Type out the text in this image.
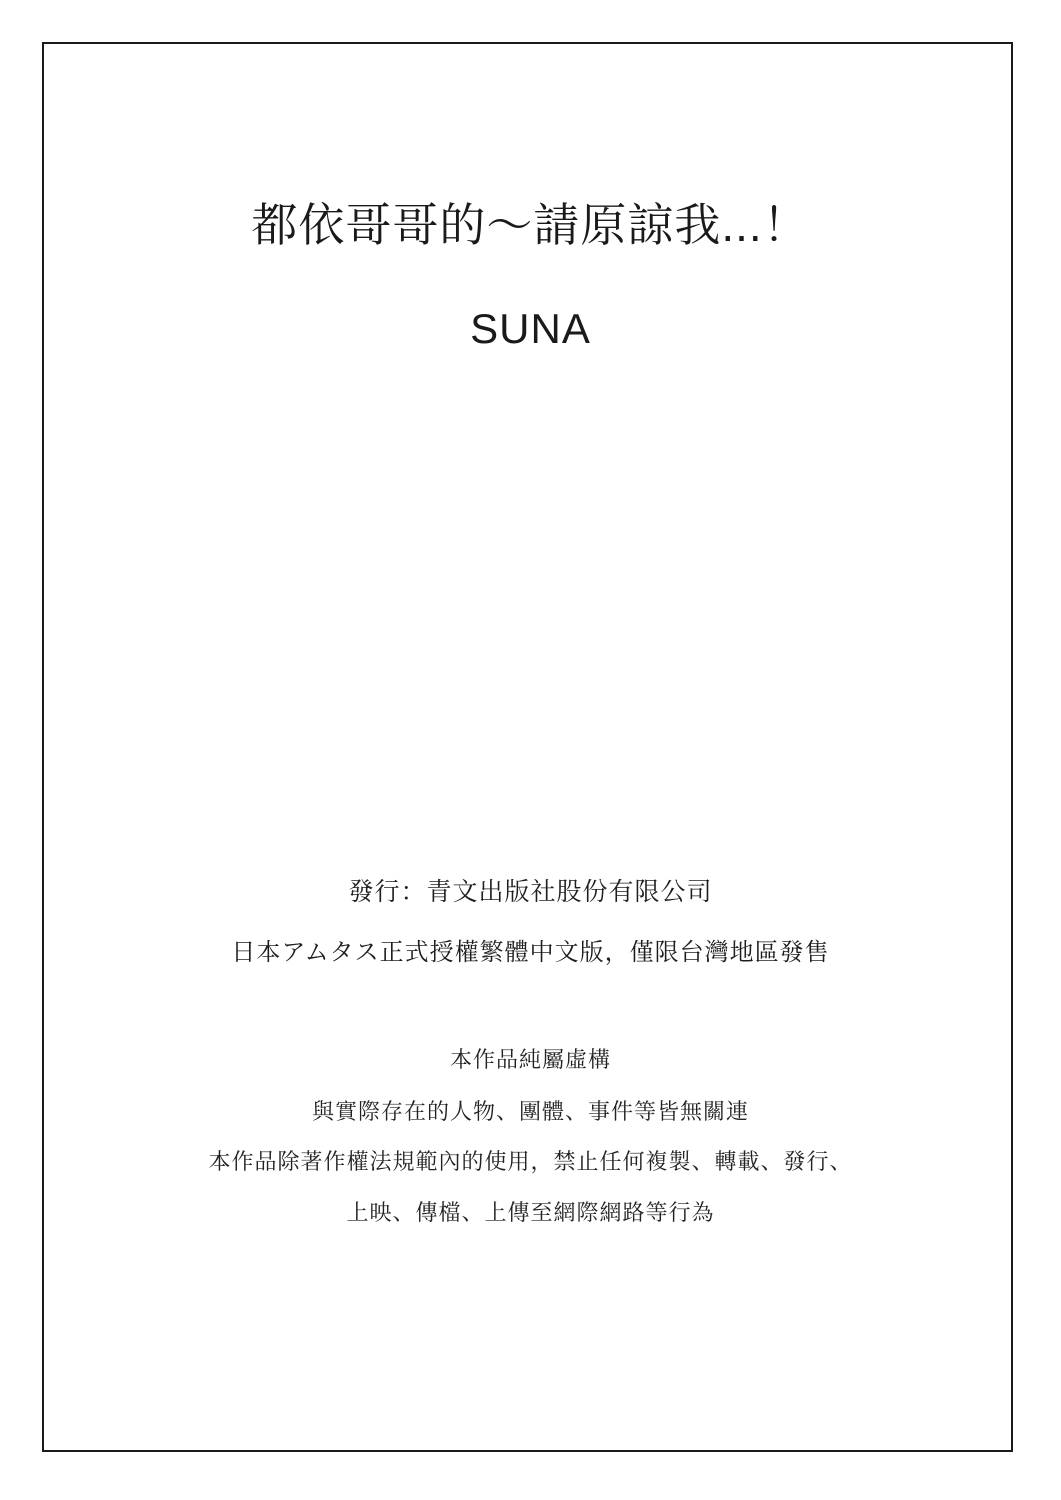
都依哥哥的～請原諒我...！
SUNA
發行：青文出版社股份有限公司
日本アムタス正式授權繁體中文版，僅限台灣地區發售
本作品純屬虛構
與實際存在的人物、團體、事件等皆無關連
本作品除著作權法規範內的使用，禁止任何複製、轉載、發行、
上映、傳檔、上傳至網際網路等行為
